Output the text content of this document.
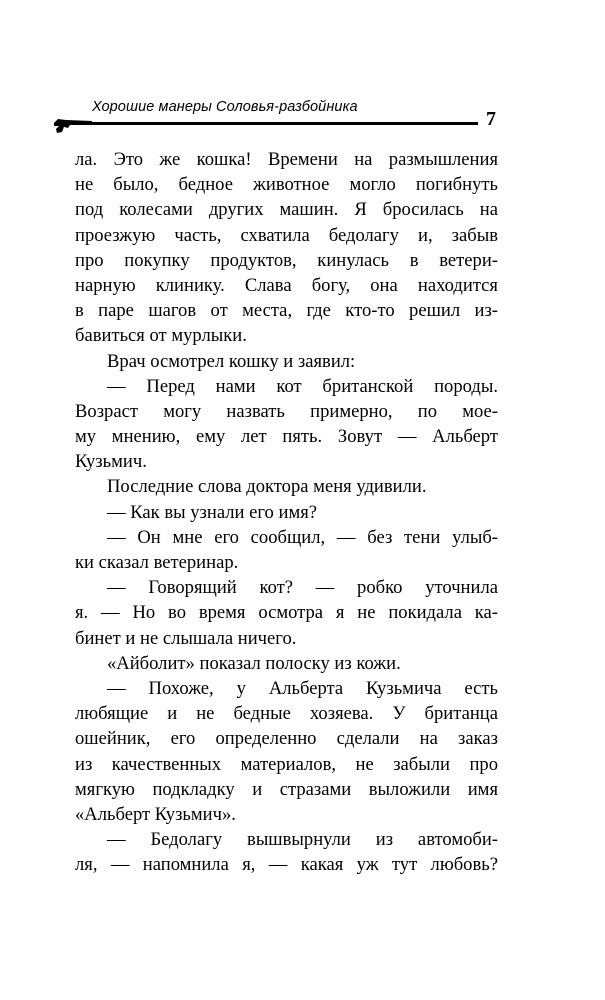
Хорошие манеры Соловья-разбойника
7
ла. Это же кошка! Времени на размышления
не было, бедное животное могло погибнуть
под колесами других машин. Я бросилась на
проезжую часть, схватила бедолагу и, забыв
про покупку продуктов, кинулась в ветери-
нарную клинику. Слава богу, она находится
в паре шагов от места, где кто-то решил из-
бавиться от мурлыки.
Врач осмотрел кошку и заявил:
— Перед нами кот британской породы.
Возраст могу назвать примерно, по мое-
му мнению, ему лет пять. Зовут — Альберт
Кузьмич.
Последние слова доктора меня удивили.
— Как вы узнали его имя?
— Он мне его сообщил, — без тени улыб-
ки сказал ветеринар.
— Говорящий кот? — робко уточнила
я. — Но во время осмотра я не покидала ка-
бинет и не слышала ничего.
«Айболит» показал полоску из кожи.
— Похоже, у Альберта Кузьмича есть
любящие и не бедные хозяева. У британца
ошейник, его определенно сделали на заказ
из качественных материалов, не забыли про
мягкую подкладку и стразами выложили имя
«Альберт Кузьмич».
— Бедолагу вышвырнули из автомоби-
ля, — напомнила я, — какая уж тут любовь?
